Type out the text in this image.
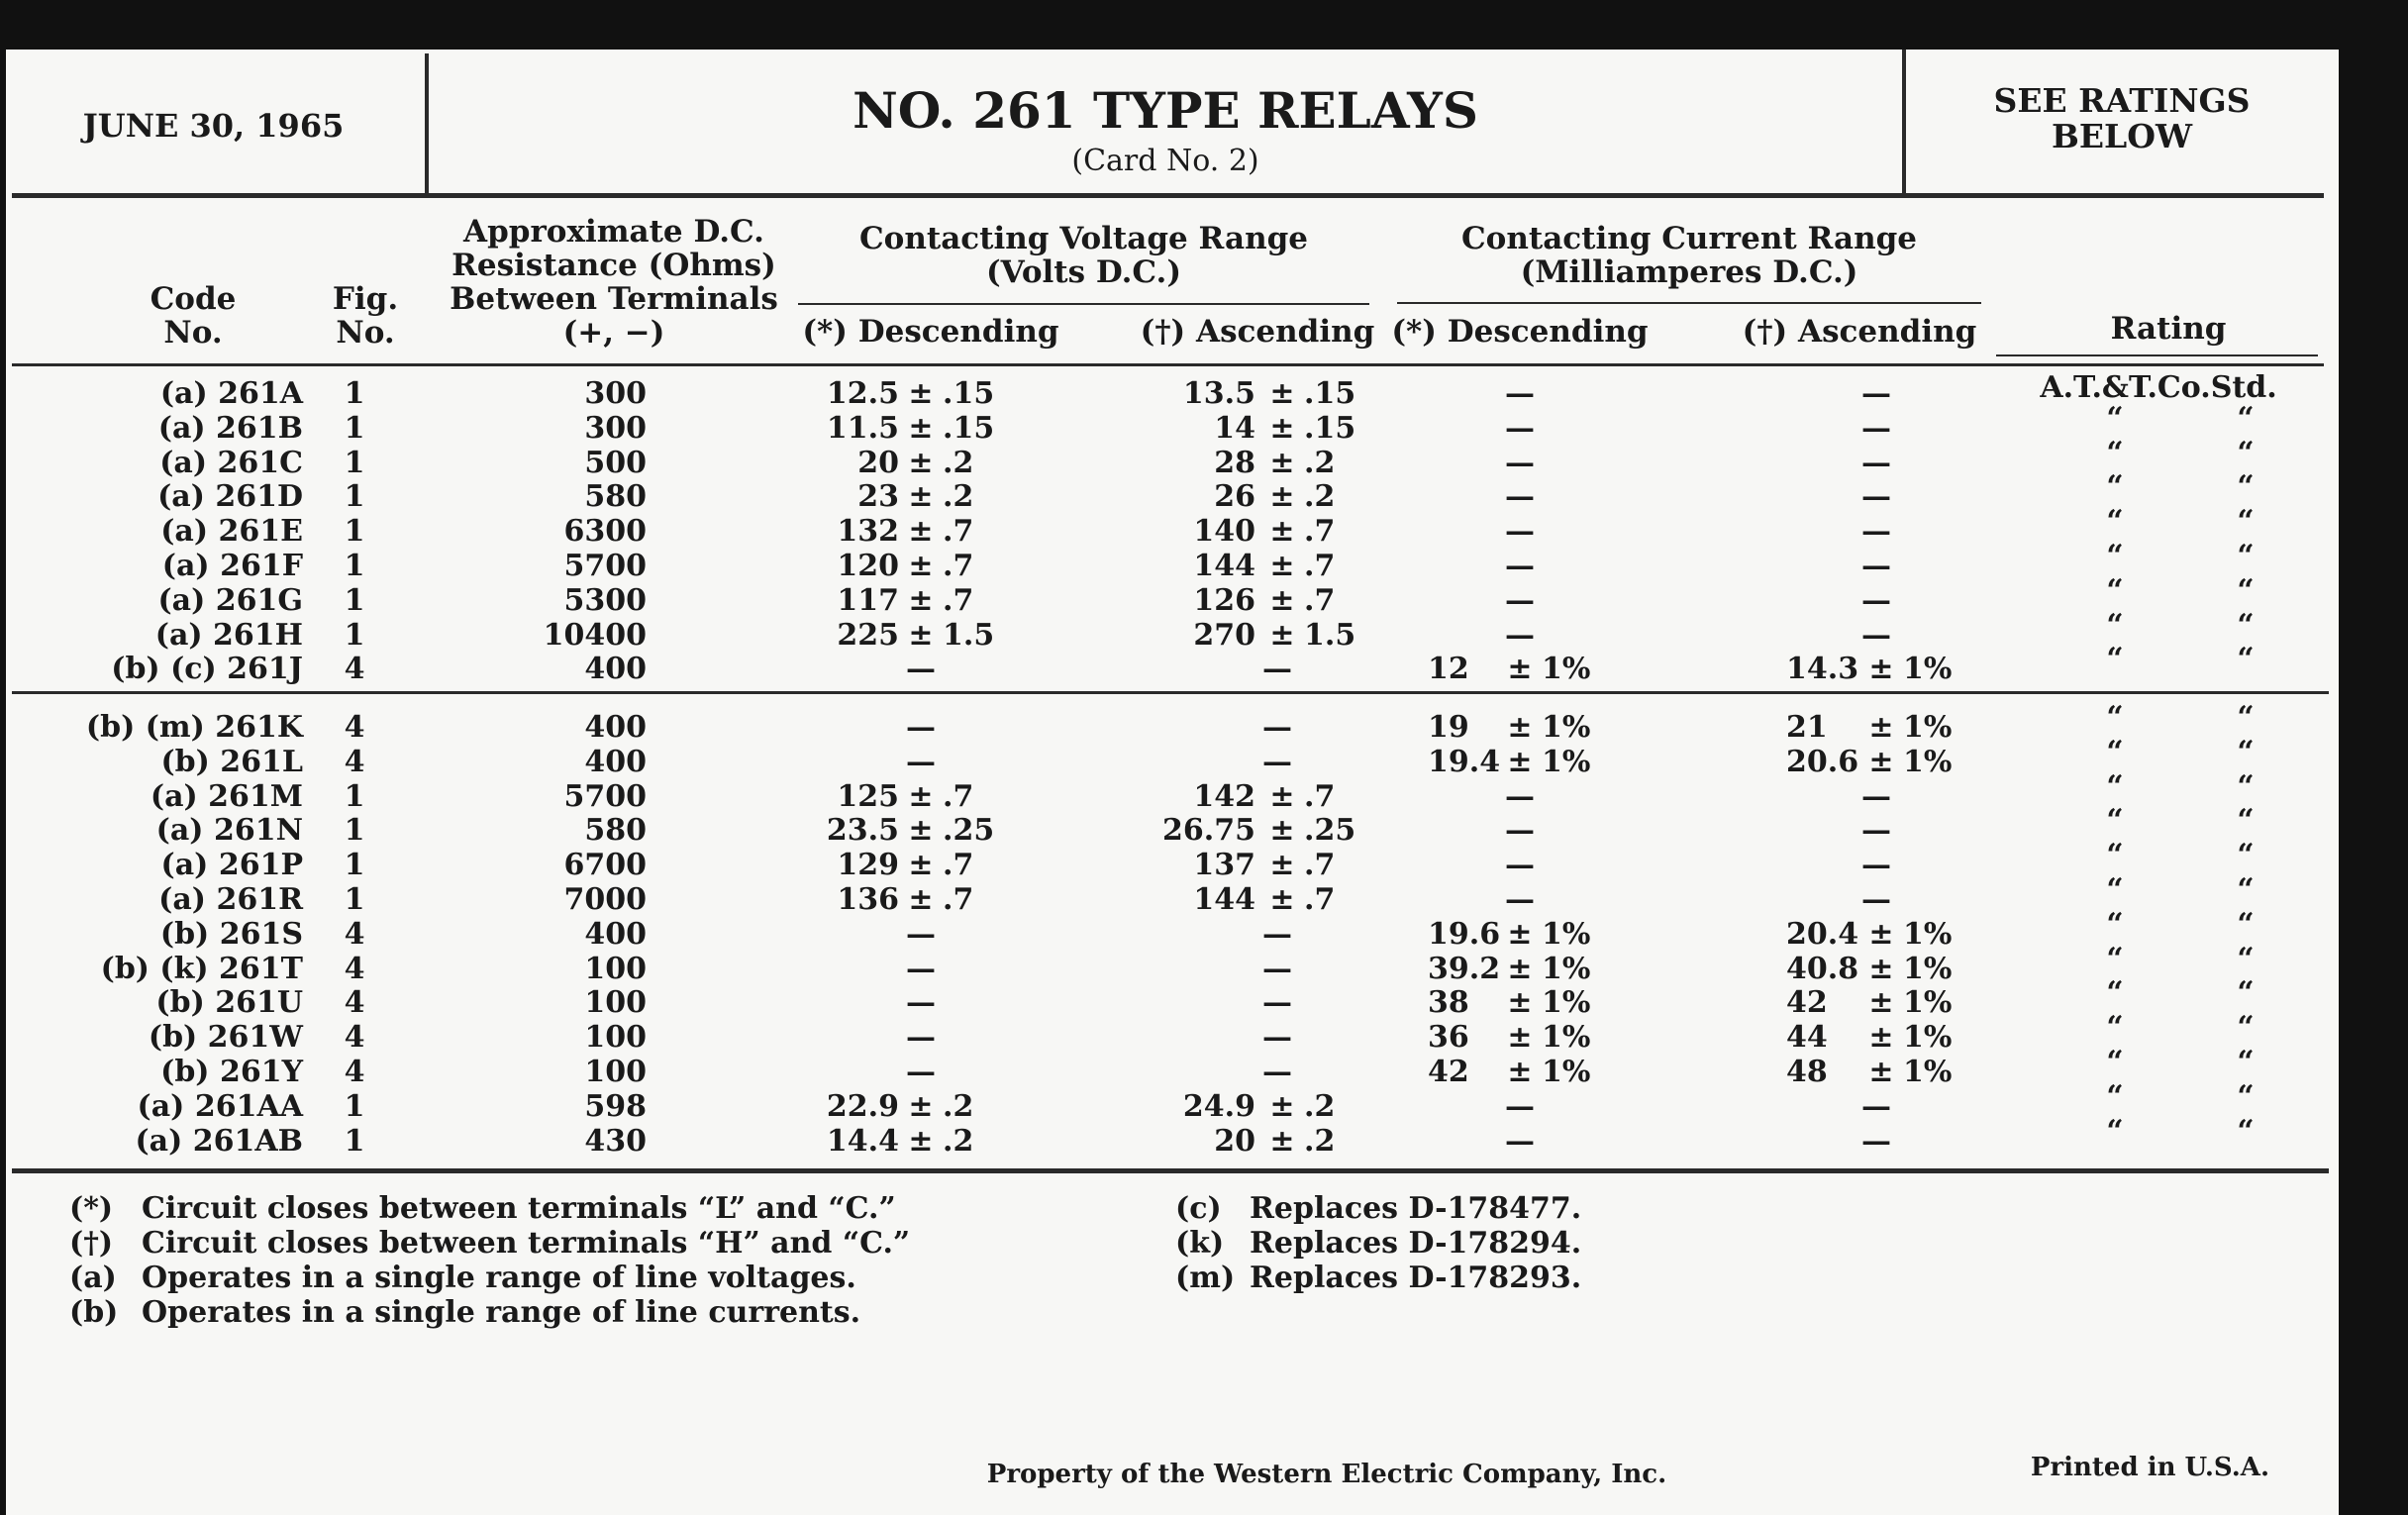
JUNE 30, 1965	NO. 261 TYPE RELAYS
(Card No. 2)
SEE RATINGS
BELOW
Code
No.
Fig.
No.
Approximate D.C.
Resistance (Ohms)
Between Terminals
(+, −)
Contacting Voltage Range
(Volts D.C.)
(*) Descending	(†) Ascending
Contacting Current Range
(Milliamperes D.C.)
(*) Descending	(†) Ascending	Rating
(a) 261A	1	300	12.5 ± .15	13.5 ± .15	—	—	A.T.&T.Co.Std.
(a) 261B	1	300	11.5 ± .15	14 ± .15	—	—	“	“
(a) 261C	1	500	20 ± .2	28 ± .2	—	—	“	“
(a) 261D	1	580	23 ± .2	26 ± .2	—	—	“	“
(a) 261E	1	6300	132 ± .7	140 ± .7	—	—	“	“
(a) 261F	1	5700	120 ± .7	144 ± .7	—	—	“	“
(a) 261G	1	5300	117 ± .7	126 ± .7	—	—	“	“
(a) 261H	1	10400	225 ± 1.5	270 ± 1.5	—	—	“	“
(b) (c) 261J	4	400	—	—	12 ± 1%	14.3 ± 1%	“	“
(b) (m) 261K	4	400	—	—	19 ± 1%	21 ± 1%	“	“
(b) 261L	4	400	—	—	19.4 ± 1%	20.6 ± 1%	“	“
(a) 261M	1	5700	125 ± .7	142 ± .7	—	—	“	“
(a) 261N	1	580	23.5 ± .25	26.75 ± .25	—	—	“	“
(a) 261P	1	6700	129 ± .7	137 ± .7	—	—	“	“
(a) 261R	1	7000	136 ± .7	144 ± .7	—	—	“	“
(b) 261S	4	400	—	—	19.6 ± 1%	20.4 ± 1%	“	“
(b) (k) 261T	4	100	—	—	39.2 ± 1%	40.8 ± 1%	“	“
(b) 261U	4	100	—	—	38 ± 1%	42 ± 1%	“	“
(b) 261W	4	100	—	—	36 ± 1%	44 ± 1%	“	“
(b) 261Y	4	100	—	—	42 ± 1%	48 ± 1%	“	“
(a) 261AA	1	598	22.9 ± .2	24.9 ± .2	—	—	“	“
(a) 261AB	1	430	14.4 ± .2	20 ± .2	—	—	“	“
(*) Circuit closes between terminals “L” and “C.”
(†) Circuit closes between terminals “H” and “C.”
(a) Operates in a single range of line voltages.
(b) Operates in a single range of line currents.
(c) Replaces D-178477.
(k) Replaces D-178294.
(m) Replaces D-178293.
Property of the Western Electric Company, Inc.	Printed in U.S.A.
